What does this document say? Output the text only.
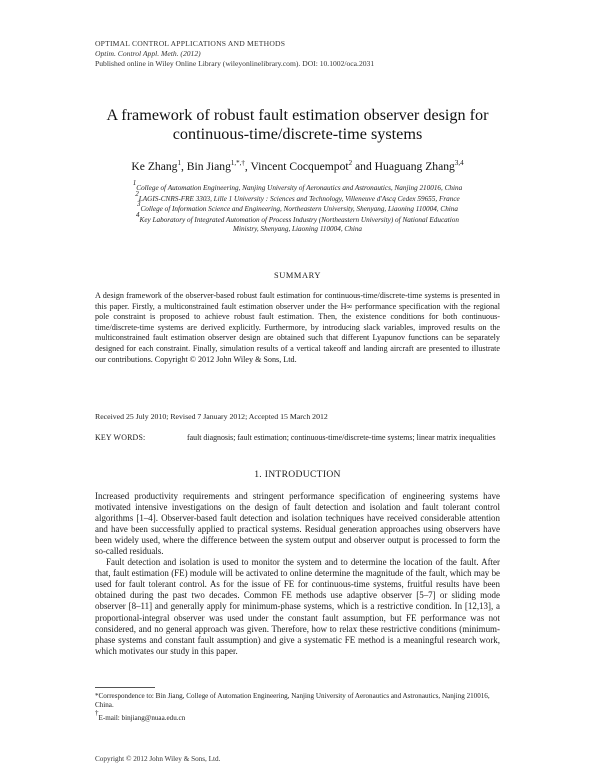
OPTIMAL CONTROL APPLICATIONS AND METHODS
Optim. Control Appl. Meth. (2012)
Published online in Wiley Online Library (wileyonlinelibrary.com). DOI: 10.1002/oca.2031
A framework of robust fault estimation observer design for
continuous-time/discrete-time systems
Ke Zhang$^1$, Bin Jiang$^{1,*,\dagger}$, Vincent Cocquempot$^2$ and Huaguang Zhang$^{3,4}$
$^1$College of Automation Engineering, Nanjing University of Aeronautics and Astronautics, Nanjing 210016, China
$^2$LAGIS-CNRS-FRE 3303, Lille 1 University : Sciences and Technology, Villeneuve d'Ascq Cedex 59655, France
$^3$College of Information Science and Engineering, Northeastern University, Shenyang, Liaoning 110004, China
$^4$Key Laboratory of Integrated Automation of Process Industry (Northeastern University) of National Education
Ministry, Shenyang, Liaoning 110004, China
SUMMARY
A design framework of the observer-based robust fault estimation for continuous-time/discrete-time systems is presented in this paper. Firstly, a multiconstrained fault estimation observer under the H∞ performance specification with the regional pole constraint is proposed to achieve robust fault estimation. Then, the existence conditions for both continuous-time/discrete-time systems are derived explicitly. Furthermore, by introducing slack variables, improved results on the multiconstrained fault estimation observer design are obtained such that different Lyapunov functions can be separately designed for each constraint. Finally, simulation results of a vertical takeoff and landing aircraft are presented to illustrate our contributions. Copyright © 2012 John Wiley & Sons, Ltd.
Received 25 July 2010; Revised 7 January 2012; Accepted 15 March 2012
KEY WORDS:	fault diagnosis; fault estimation; continuous-time/discrete-time systems; linear matrix inequalities
1. INTRODUCTION

Increased productivity requirements and stringent performance specification of engineering systems have motivated intensive investigations on the design of fault detection and isolation and fault tolerant control algorithms [1–4]. Observer-based fault detection and isolation techniques have received considerable attention and have been successfully applied to practical systems. Residual generation approaches using observers have been widely used, where the difference between the system output and observer output is processed to form the so-called residuals.

Fault detection and isolation is used to monitor the system and to determine the location of the fault. After that, fault estimation (FE) module will be activated to online determine the magnitude of the fault, which may be used for fault tolerant control. As for the issue of FE for continuous-time systems, fruitful results have been obtained during the past two decades. Common FE methods use adaptive observer [5–7] or sliding mode observer [8–11] and generally apply for minimum-phase systems, which is a restrictive condition. In [12,13], a proportional-integral observer was used under the constant fault assumption, but FE performance was not considered, and no general approach was given. Therefore, how to relax these restrictive conditions (minimum-phase systems and constant fault assumption) and give a systematic FE method is a meaningful research work, which motivates our study in this paper.

*Correspondence to: Bin Jiang, College of Automation Engineering, Nanjing University of Aeronautics and Astronautics, Nanjing 210016, China.

†E-mail: binjiang@nuaa.edu.cn

Copyright © 2012 John Wiley & Sons, Ltd.
